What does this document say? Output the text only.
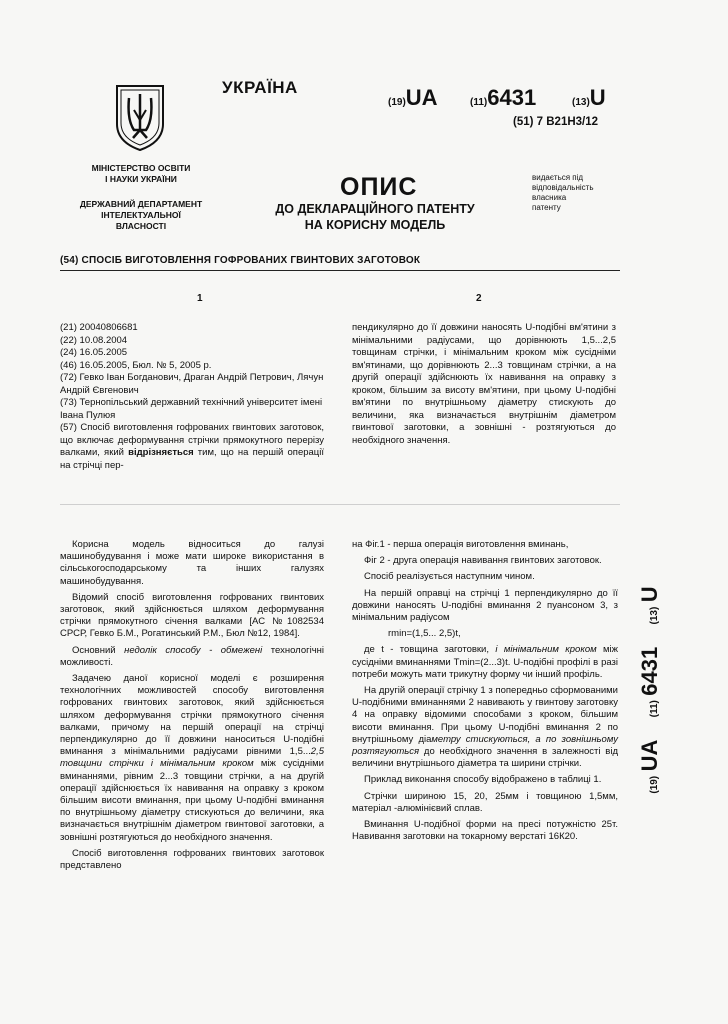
УКРАЇНА
(19)UA	(11)6431	(13)U
(51) 7 B21H3/12
МІНІСТЕРСТВО ОСВІТИ
І НАУКИ УКРАЇНИ
ДЕРЖАВНИЙ ДЕПАРТАМЕНТ
ІНТЕЛЕКТУАЛЬНОЇ
ВЛАСНОСТІ
ОПИС
ДО ДЕКЛАРАЦІЙНОГО ПАТЕНТУ
НА КОРИСНУ МОДЕЛЬ
видається під
відповідальність
власника
патенту
(54) СПОСІБ ВИГОТОВЛЕННЯ ГОФРОВАНИХ ГВИНТОВИХ ЗАГОТОВОК
1	2
(21) 20040806681
(22) 10.08.2004
(24) 16.05.2005
(46) 16.05.2005, Бюл. № 5, 2005 р.
(72) Гевко Іван Богданович, Драган Андрій Петрович, Лячун Андрій Євгенович
(73) Тернопільський державний технічний університет імені Івана Пулюя
(57) Спосіб виготовлення гофрованих гвинтових заготовок, що включає деформування стрічки прямокутного перерізу валками, який відрізняється тим, що на першій операції на стрічці пер-
пендикулярно до її довжини наносять U-подібні вм'ятини з мінімальними радіусами, що дорівнюють 1,5...2,5 товщинам стрічки, і мінімальним кроком між сусідніми вм'ятинами, що дорівнюють 2...3 товщинам стрічки, а на другій операції здійснюють їх навивання на оправку з кроком, більшим за висоту вм'ятини, при цьому U-подібні вм'ятини по внутрішньому діаметру стискують до величини, яка визначається внутрішнім діаметром гвинтової заготовки, а зовнішні - розтягуються до необхідного значення.

Корисна модель відноситься до галузі машинобудування і може мати широке використання в сільськогосподарському та інших галузях машинобудування.

Відомий спосіб виготовлення гофрованих гвинтових заготовок, який здійснюється шляхом деформування стрічки прямокутного січення валками [АС №1082534 СРСР, Гевко Б.М., Рогатинський Р.М., Бюл №12, 1984].

Основний недолік способу - обмежені технологічні можливості.

Задачею даної корисної моделі є розширення технологічних можливостей способу виготовлення гофрованих гвинтових заготовок, який здійснюється шляхом деформування стрічки прямокутного січення валками, причому на першій операції на стрічці перпендикулярно до її довжини наноситься U-подібні вминання з мінімальними радіусами рівними 1,5...2,5 товщини стрічки і мінімальним кроком між сусідніми вминаннями, рівним 2...3 товщини стрічки, а на другій операції здійснюється їх навивання на оправку з кроком більшим висоти вминання, при цьому U-подібні вминання по внутрішньому діаметру стискуються до величини, яка визначається внутрішнім діаметром гвинтової заготовки, а зовнішні розтягуються до необхідного значення.

Спосіб виготовлення гофрованих гвинтових заготовок представлено

на Фіг.1 - перша операція виготовлення вминань,

Фіг 2 - друга операція навивання гвинтових заготовок.

Спосіб реалізується наступним чином.

На першій оправці на стрічці 1 перпендикулярно до її довжини наносять U-подібні вминання 2 пуансоном 3, з мінімальним радіусом

rmin=(1,5... 2,5)t,

де t - товщина заготовки, і мінімальним кроком між сусідніми вминаннями Tmin=(2...3)t. U-подібні профілі в разі потреби можуть мати трикутну форму чи інший профіль.

На другій операції стрічку 1 з попередньо сформованими U-подібними вминаннями 2 навивають у гвинтову заготовку 4 на оправку відомими способами з кроком, більшим висоти вминання. При цьому U-подібні вминання 2 по внутрішньому діаметру стискуються, а по зовнішньому розтягуються до необхідного значення в залежності від величини внутрішнього діаметра та ширини стрічки.

Приклад виконання способу відображено в таблиці 1.

Стрічки шириною 15, 20, 25мм і товщиною 1,5мм, матеріал -алюмінієвий сплав.

Вминання U-подібної форми на пресі потужністю 25т. Навивання заготовки на токарному верстаті 16К20.

(19) UA     (11) 6431     (13) U
